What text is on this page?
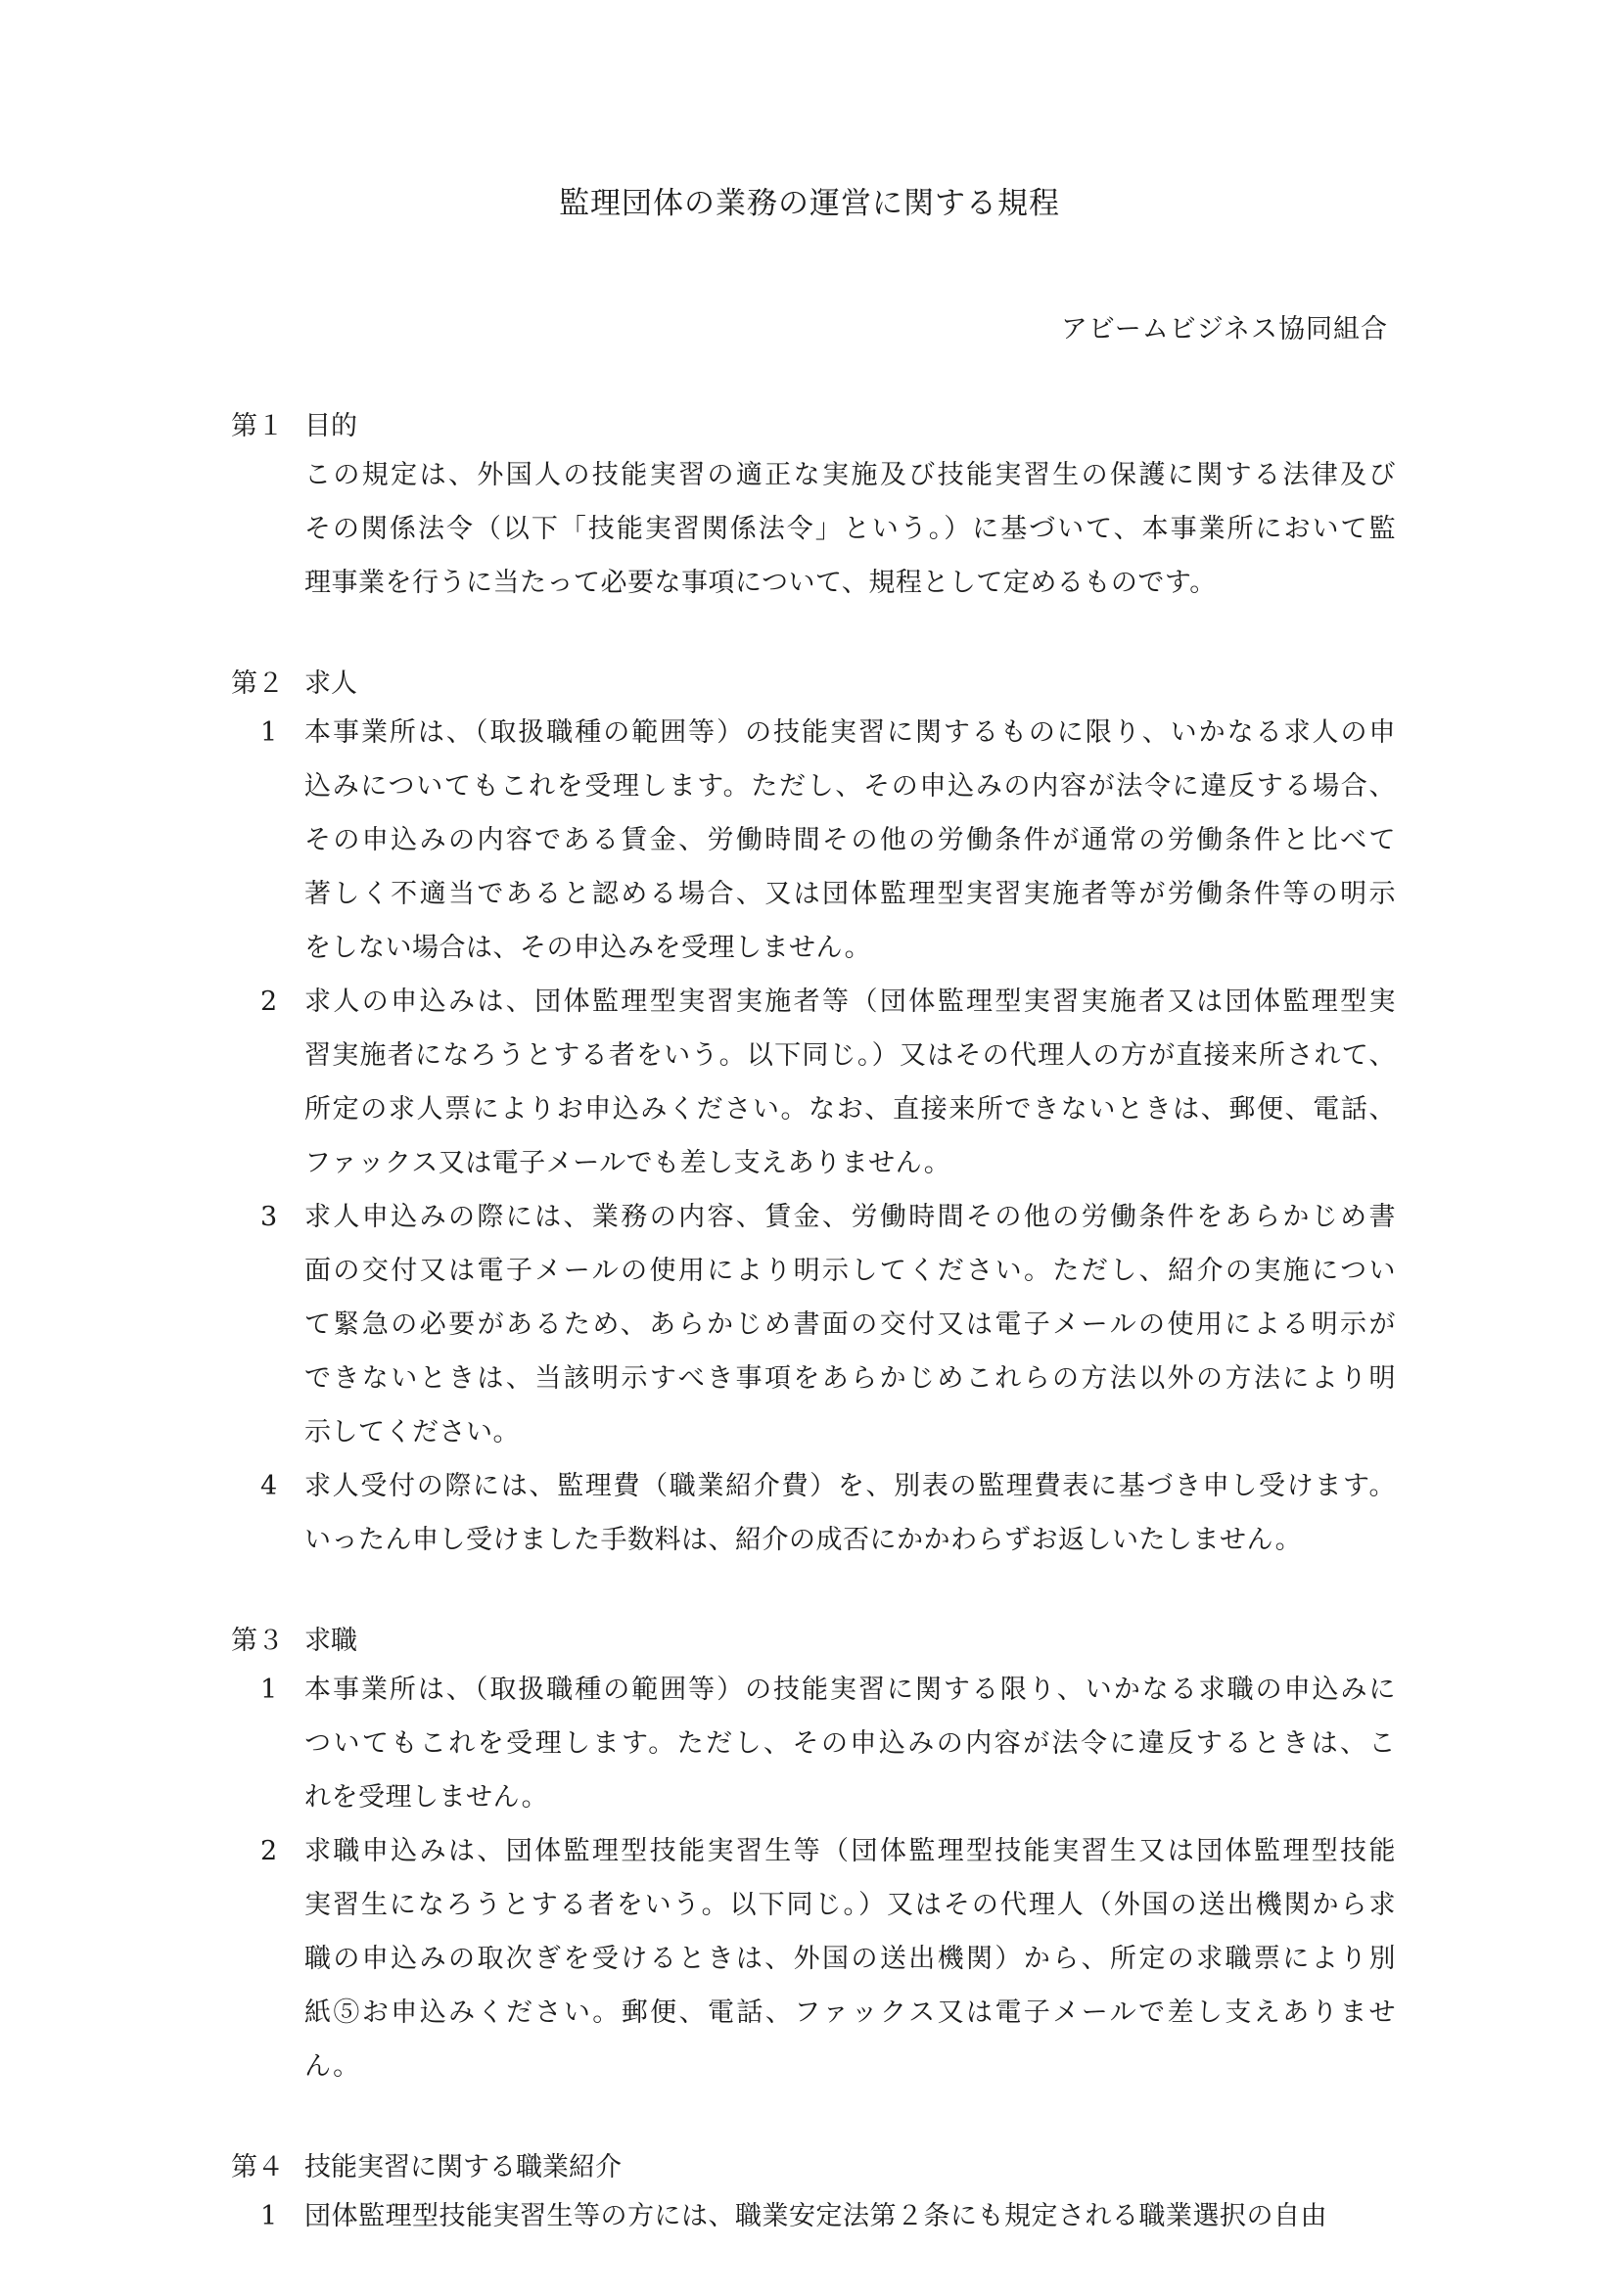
監理団体の業務の運営に関する規程
アビームビジネス協同組合
第１ 目的
この規定は、外国人の技能実習の適正な実施及び技能実習生の保護に関する法律及び
その関係法令（以下「技能実習関係法令」という。）に基づいて、本事業所において監
理事業を行うに当たって必要な事項について、規程として定めるものです。
第２ 求人
1 本事業所は、（取扱職種の範囲等）の技能実習に関するものに限り、いかなる求人の申
込みについてもこれを受理します。ただし、その申込みの内容が法令に違反する場合、
その申込みの内容である賃金、労働時間その他の労働条件が通常の労働条件と比べて
著しく不適当であると認める場合、又は団体監理型実習実施者等が労働条件等の明示
をしない場合は、その申込みを受理しません。
2 求人の申込みは、団体監理型実習実施者等（団体監理型実習実施者又は団体監理型実
習実施者になろうとする者をいう。以下同じ。）又はその代理人の方が直接来所されて、
所定の求人票によりお申込みください。なお、直接来所できないときは、郵便、電話、
ファックス又は電子メールでも差し支えありません。
3 求人申込みの際には、業務の内容、賃金、労働時間その他の労働条件をあらかじめ書
面の交付又は電子メールの使用により明示してください。ただし、紹介の実施につい
て緊急の必要があるため、あらかじめ書面の交付又は電子メールの使用による明示が
できないときは、当該明示すべき事項をあらかじめこれらの方法以外の方法により明
示してください。
4 求人受付の際には、監理費（職業紹介費）を、別表の監理費表に基づき申し受けます。
いったん申し受けました手数料は、紹介の成否にかかわらずお返しいたしません。
第３ 求職
1 本事業所は、（取扱職種の範囲等）の技能実習に関する限り、いかなる求職の申込みに
ついてもこれを受理します。ただし、その申込みの内容が法令に違反するときは、こ
れを受理しません。
2 求職申込みは、団体監理型技能実習生等（団体監理型技能実習生又は団体監理型技能
実習生になろうとする者をいう。以下同じ。）又はその代理人（外国の送出機関から求
職の申込みの取次ぎを受けるときは、外国の送出機関）から、所定の求職票により別
紙⑤お申込みください。郵便、電話、ファックス又は電子メールで差し支えありませ
ん。
第４ 技能実習に関する職業紹介
1 団体監理型技能実習生等の方には、職業安定法第２条にも規定される職業選択の自由
